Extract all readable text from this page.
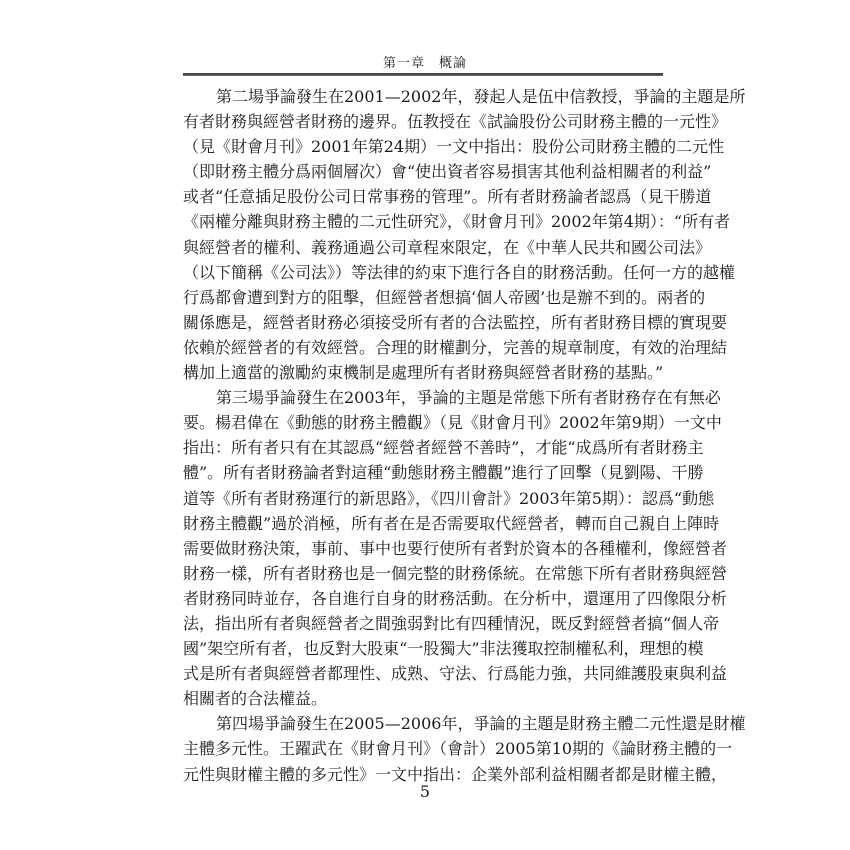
第一章　概論
第二場爭論發生在2001—2002年，發起人是伍中信教授，爭論的主題是所
有者財務與經營者財務的邊界。伍教授在《試論股份公司財務主體的一元性》
（見《財會月刊》2001年第24期）一文中指出：股份公司財務主體的二元性
（即財務主體分爲兩個層次）會“使出資者容易損害其他利益相關者的利益”
或者“任意插足股份公司日常事務的管理”。所有者財務論者認爲（見干勝道
《兩權分離與財務主體的二元性研究》，《財會月刊》2002年第4期）：“所有者
與經營者的權利、義務通過公司章程來限定，在《中華人民共和國公司法》
（以下簡稱《公司法》）等法律的約束下進行各自的財務活動。任何一方的越權
行爲都會遭到對方的阻擊，但經營者想搞‘個人帝國’也是辦不到的。兩者的
關係應是，經營者財務必須接受所有者的合法監控，所有者財務目標的實現要
依賴於經營者的有效經營。合理的財權劃分，完善的規章制度，有效的治理結
構加上適當的激勵約束機制是處理所有者財務與經營者財務的基點。”
第三場爭論發生在2003年，爭論的主題是常態下所有者財務存在有無必
要。楊君偉在《動態的財務主體觀》（見《財會月刊》2002年第9期）一文中
指出：所有者只有在其認爲“經營者經營不善時”，才能“成爲所有者財務主
體”。所有者財務論者對這種“動態財務主體觀”進行了回擊（見劉陽、干勝
道等《所有者財務運行的新思路》，《四川會計》2003年第5期）：認爲“動態
財務主體觀”過於消極，所有者在是否需要取代經營者，轉而自己親自上陣時
需要做財務決策，事前、事中也要行使所有者對於資本的各種權利，像經營者
財務一樣，所有者財務也是一個完整的財務係統。在常態下所有者財務與經營
者財務同時並存，各自進行自身的財務活動。在分析中，還運用了四像限分析
法，指出所有者與經營者之間強弱對比有四種情況，既反對經營者搞“個人帝
國”架空所有者，也反對大股東“一股獨大”非法獲取控制權私利，理想的模
式是所有者與經營者都理性、成熟、守法、行爲能力強，共同維護股東與利益
相關者的合法權益。
第四場爭論發生在2005—2006年，爭論的主題是財務主體二元性還是財權
主體多元性。王躍武在《財會月刊》（會計）2005第10期的《論財務主體的一
元性與財權主體的多元性》一文中指出：企業外部利益相關者都是財權主體，
5
